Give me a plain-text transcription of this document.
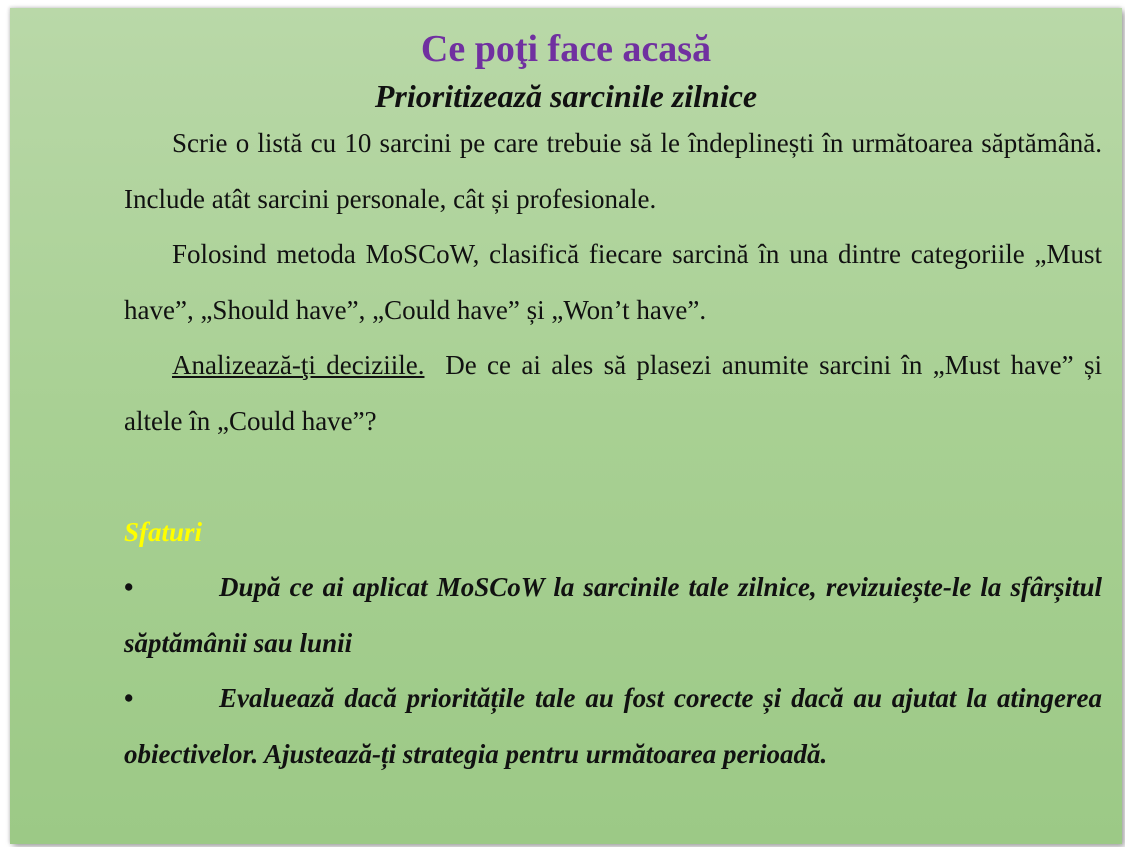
Ce poţi face acasă
Prioritizează sarcinile zilnice

Scrie o listă cu 10 sarcini pe care trebuie să le îndeplinești în următoarea săptămână. Include atât sarcini personale, cât și profesionale.

Folosind metoda MoSCoW, clasifică fiecare sarcină în una dintre categoriile „Must have”, „Should have”, „Could have” și „Won’t have”.

Analizează-ţi deciziile.  De ce ai ales să plasezi anumite sarcini în „Must have” și altele în „Could have”?

Sfaturi

•	După ce ai aplicat MoSCoW la sarcinile tale zilnice, revizuiește-le la sfârșitul săptămânii sau lunii

•	Evaluează dacă prioritățile tale au fost corecte și dacă au ajutat la atingerea obiectivelor. Ajustează-ți strategia pentru următoarea perioadă.
